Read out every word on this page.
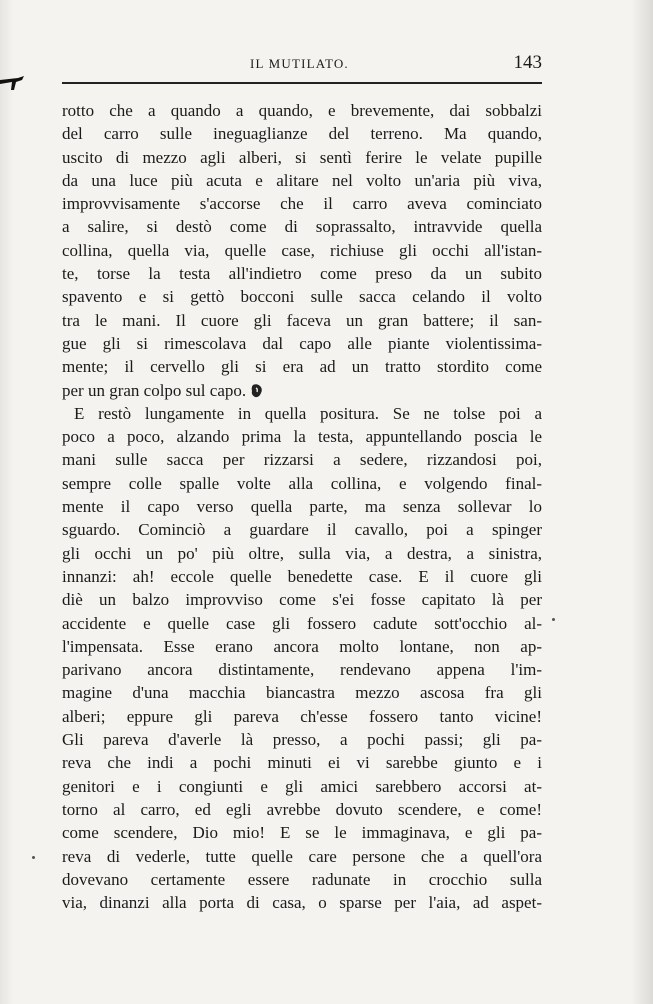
IL MUTILATO.	143
rotto che a quando a quando, e brevemente, dai sobbalzi
del carro sulle ineguaglianze del terreno. Ma quando,
uscito di mezzo agli alberi, si sentì ferire le velate pupille
da una luce più acuta e alitare nel volto un'aria più viva,
improvvisamente s'accorse che il carro aveva cominciato
a salire, si destò come di soprassalto, intravvide quella
collina, quella via, quelle case, richiuse gli occhi all'istan-
te, torse la testa all'indietro come preso da un subito
spavento e si gettò bocconi sulle sacca celando il volto
tra le mani. Il cuore gli faceva un gran battere; il san-
gue gli si rimescolava dal capo alle piante violentissima-
mente; il cervello gli si era ad un tratto stordito come
per un gran colpo sul capo.
E restò lungamente in quella positura. Se ne tolse poi a
poco a poco, alzando prima la testa, appuntellando poscia le
mani sulle sacca per rizzarsi a sedere, rizzandosi poi,
sempre colle spalle volte alla collina, e volgendo final-
mente il capo verso quella parte, ma senza sollevar lo
sguardo. Cominciò a guardare il cavallo, poi a spinger
gli occhi un po' più oltre, sulla via, a destra, a sinistra,
innanzi: ah! eccole quelle benedette case. E il cuore gli
diè un balzo improvviso come s'ei fosse capitato là per
accidente e quelle case gli fossero cadute sott'occhio al-
l'impensata. Esse erano ancora molto lontane, non ap-
parivano ancora distintamente, rendevano appena l'im-
magine d'una macchia biancastra mezzo ascosa fra gli
alberi; eppure gli pareva ch'esse fossero tanto vicine!
Gli pareva d'averle là presso, a pochi passi; gli pa-
reva che indi a pochi minuti ei vi sarebbe giunto e i
genitori e i congiunti e gli amici sarebbero accorsi at-
torno al carro, ed egli avrebbe dovuto scendere, e come!
come scendere, Dio mio! E se le immaginava, e gli pa-
reva di vederle, tutte quelle care persone che a quell'ora
dovevano certamente essere radunate in crocchio sulla
via, dinanzi alla porta di casa, o sparse per l'aia, ad aspet-
